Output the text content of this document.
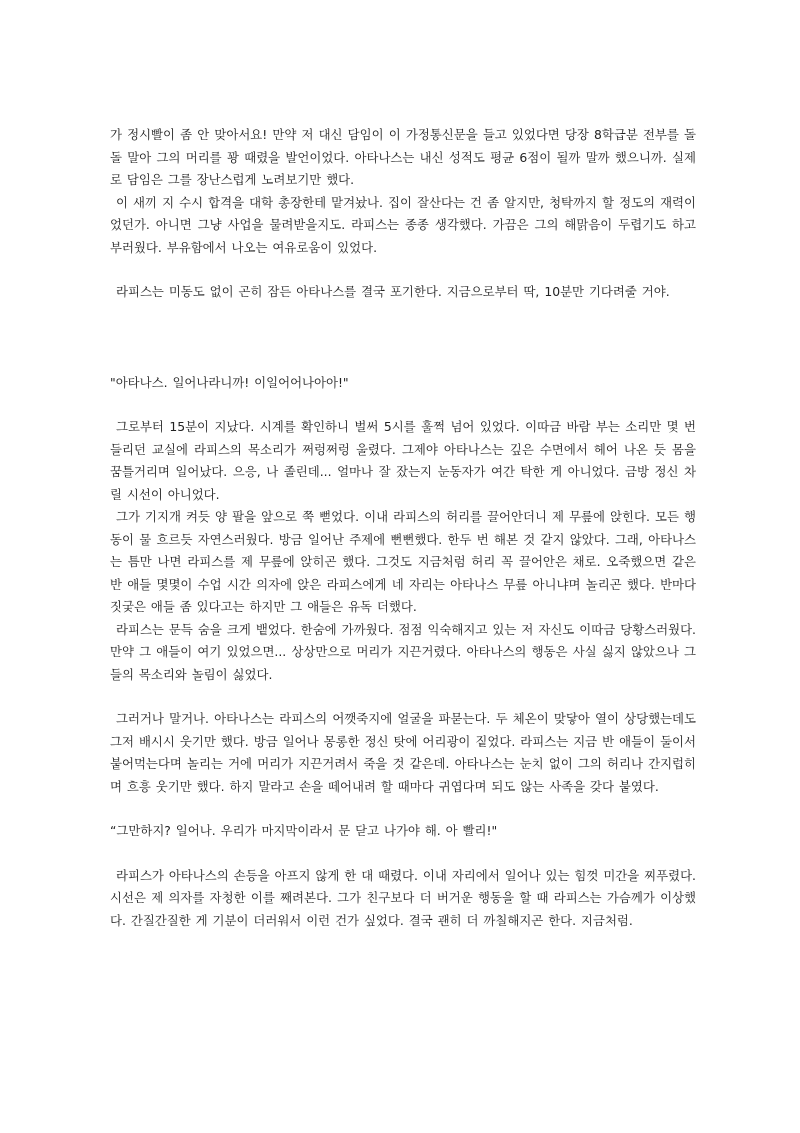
가 정시빨이 좀 안 맞아서요! 만약 저 대신 담임이 이 가정통신문을 들고 있었다면 당장 8학급분 전부를 돌돌 말아 그의 머리를 꽝 때렸을 발언이었다. 아타나스는 내신 성적도 평균 6점이 될까 말까 했으니까. 실제로 담임은 그를 장난스럽게 노려보기만 했다.

이 새끼 지 수시 합격을 대학 총장한테 맡겨놨나. 집이 잘산다는 건 좀 알지만, 청탁까지 할 정도의 재력이었던가. 아니면 그냥 사업을 물려받을지도. 라피스는 종종 생각했다. 가끔은 그의 해맑음이 두렵기도 하고 부러웠다. 부유함에서 나오는 여유로움이 있었다.

라피스는 미동도 없이 곤히 잠든 아타나스를 결국 포기한다. 지금으로부터 딱, 10분만 기다려줄 거야.

"아타나스. 일어나라니까! 이일어어나아아!"

그로부터 15분이 지났다. 시계를 확인하니 벌써 5시를 훌쩍 넘어 있었다. 이따금 바람 부는 소리만 몇 번 들리던 교실에 라피스의 목소리가 쩌렁쩌렁 울렸다. 그제야 아타나스는 깊은 수면에서 헤어 나온 듯 몸을 꿈틀거리며 일어났다. 으응, 나 졸린데... 얼마나 잘 잤는지 눈동자가 여간 탁한 게 아니었다. 금방 정신 차릴 시선이 아니었다.

그가 기지개 켜듯 양 팔을 앞으로 쭉 뻗었다. 이내 라피스의 허리를 끌어안더니 제 무릎에 앉힌다. 모든 행동이 물 흐르듯 자연스러웠다. 방금 일어난 주제에 뻔뻔했다. 한두 번 해본 것 같지 않았다. 그래, 아타나스는 틈만 나면 라피스를 제 무릎에 앉히곤 했다. 그것도 지금처럼 허리 꼭 끌어안은 채로. 오죽했으면 같은 반 애들 몇몇이 수업 시간 의자에 앉은 라피스에게 네 자리는 아타나스 무릎 아니냐며 놀리곤 했다. 반마다 짓궂은 애들 좀 있다고는 하지만 그 애들은 유독 더했다.

라피스는 문득 숨을 크게 뱉었다. 한숨에 가까웠다. 점점 익숙해지고 있는 저 자신도 이따금 당황스러웠다. 만약 그 애들이 여기 있었으면... 상상만으로 머리가 지끈거렸다. 아타나스의 행동은 사실 싫지 않았으나 그들의 목소리와 놀림이 싫었다.

그러거나 말거나. 아타나스는 라피스의 어깻죽지에 얼굴을 파묻는다. 두 체온이 맞닿아 열이 상당했는데도 그저 배시시 웃기만 했다. 방금 일어나 몽롱한 정신 탓에 어리광이 짙었다. 라피스는 지금 반 애들이 둘이서 붙어먹는다며 놀리는 거에 머리가 지끈거려서 죽을 것 같은데. 아타나스는 눈치 없이 그의 허리나 간지럽히며 흐흥 웃기만 했다. 하지 말라고 손을 떼어내려 할 때마다 귀엽다며 되도 않는 사족을 갖다 붙였다.

“그만하지? 일어나. 우리가 마지막이라서 문 닫고 나가야 해. 아 빨리!"

라피스가 아타나스의 손등을 아프지 않게 한 대 때렸다. 이내 자리에서 일어나 있는 힘껏 미간을 찌푸렸다. 시선은 제 의자를 자청한 이를 째려본다. 그가 친구보다 더 버거운 행동을 할 때 라피스는 가슴께가 이상했다. 간질간질한 게 기분이 더러워서 이런 건가 싶었다. 결국 괜히 더 까칠해지곤 한다. 지금처럼.
